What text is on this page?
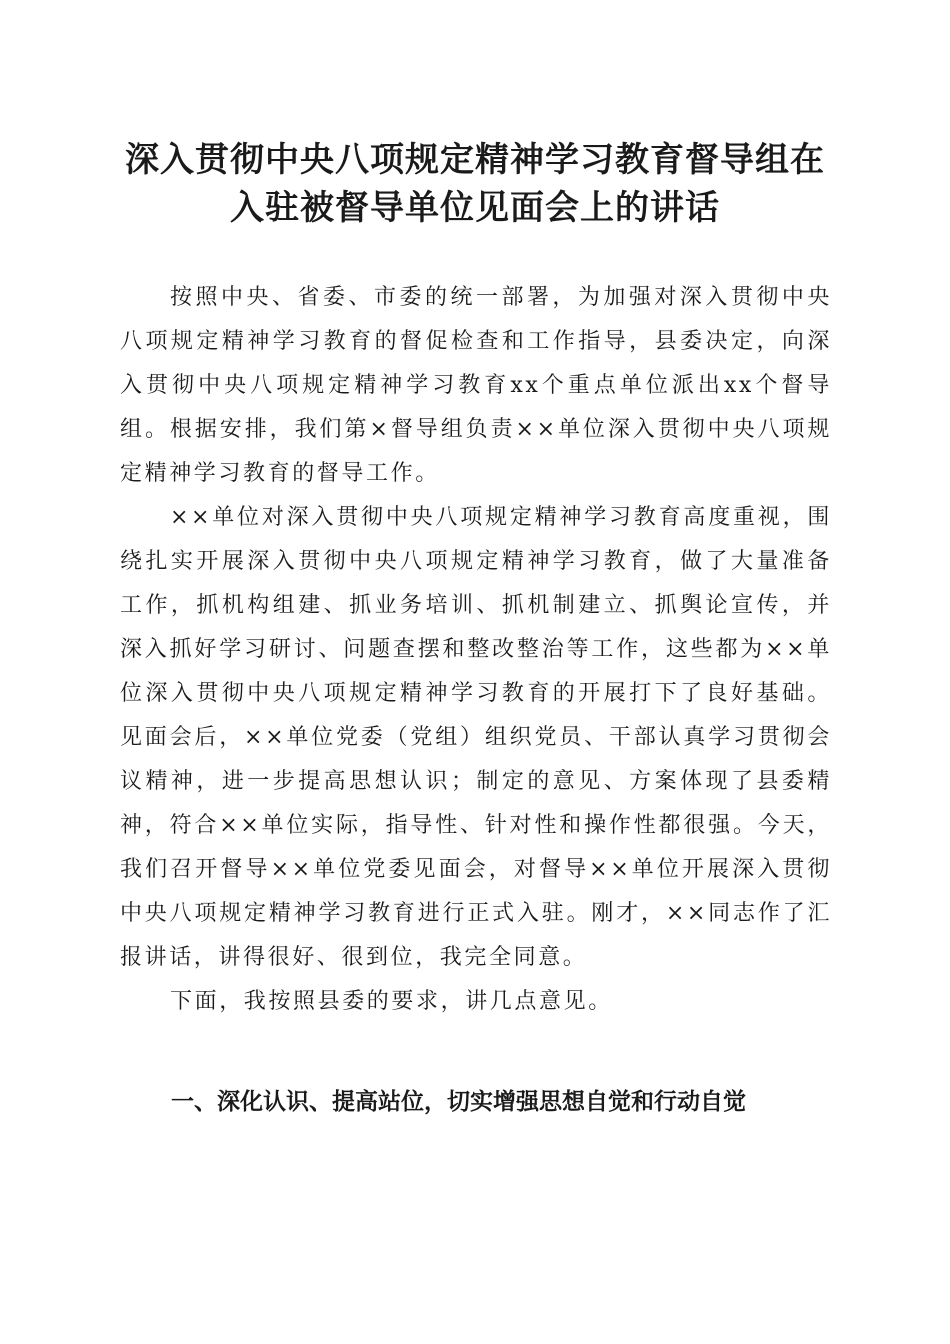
深入贯彻中央八项规定精神学习教育督导组在
入驻被督导单位见面会上的讲话

按照中央、省委、市委的统一部署，为加强对深入贯彻中央八项规定精神学习教育的督促检查和工作指导，县委决定，向深入贯彻中央八项规定精神学习教育xx个重点单位派出xx个督导组。根据安排，我们第×督导组负责××单位深入贯彻中央八项规定精神学习教育的督导工作。

××单位对深入贯彻中央八项规定精神学习教育高度重视，围绕扎实开展深入贯彻中央八项规定精神学习教育，做了大量准备工作，抓机构组建、抓业务培训、抓机制建立、抓舆论宣传，并深入抓好学习研讨、问题查摆和整改整治等工作，这些都为××单位深入贯彻中央八项规定精神学习教育的开展打下了良好基础。见面会后，××单位党委（党组）组织党员、干部认真学习贯彻会议精神，进一步提高思想认识；制定的意见、方案体现了县委精神，符合××单位实际，指导性、针对性和操作性都很强。今天，我们召开督导××单位党委见面会，对督导××单位开展深入贯彻中央八项规定精神学习教育进行正式入驻。刚才，××同志作了汇报讲话，讲得很好、很到位，我完全同意。

下面，我按照县委的要求，讲几点意见。

一、深化认识、提高站位，切实增强思想自觉和行动自觉
